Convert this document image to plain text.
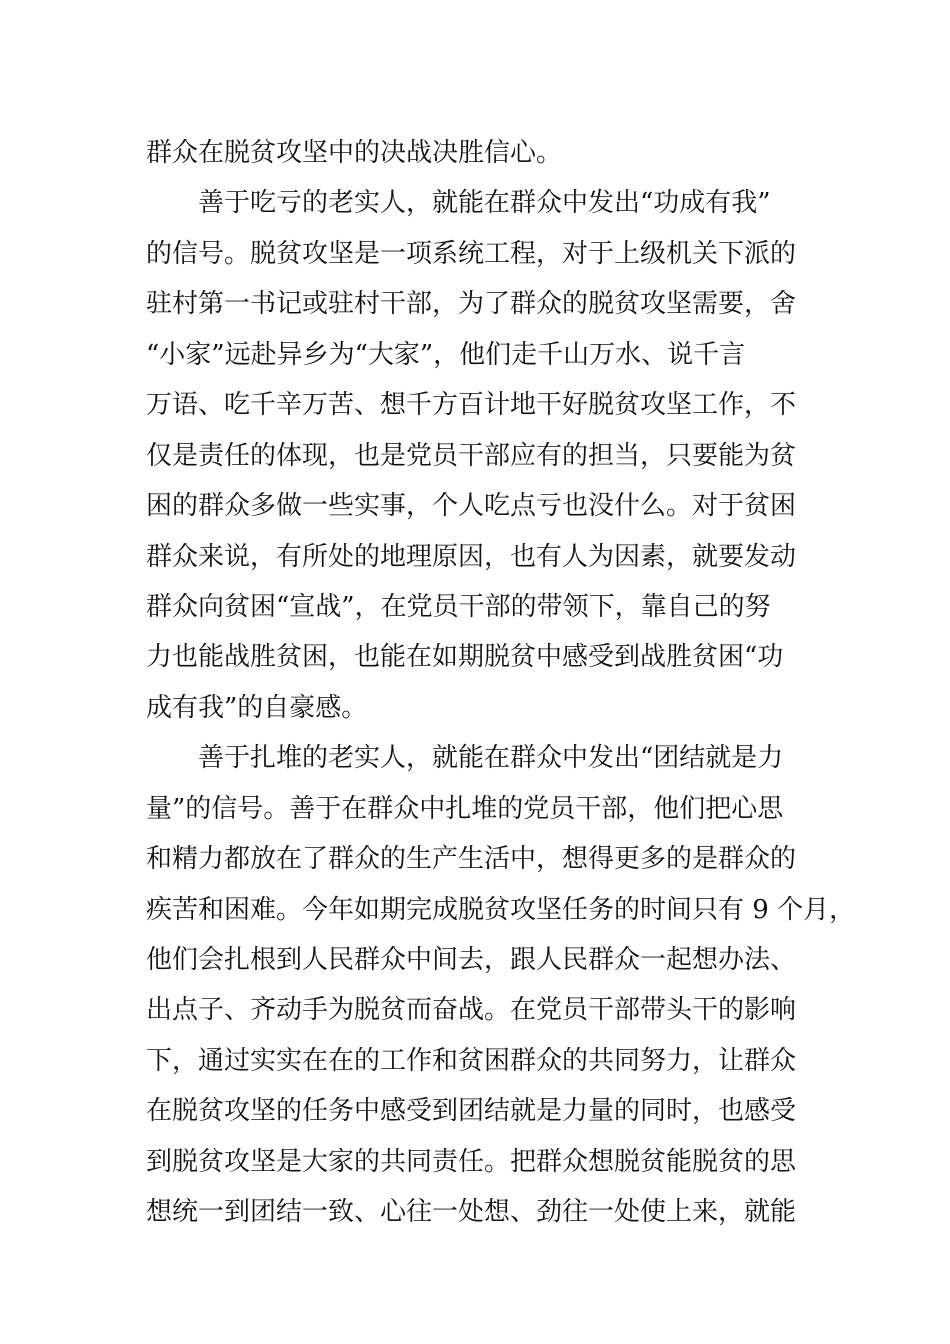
群众在脱贫攻坚中的决战决胜信心。
善于吃亏的老实人，就能在群众中发出“功成有我”
的信号。脱贫攻坚是一项系统工程，对于上级机关下派的
驻村第一书记或驻村干部，为了群众的脱贫攻坚需要，舍
“小家”远赴异乡为“大家”，他们走千山万水、说千言
万语、吃千辛万苦、想千方百计地干好脱贫攻坚工作，不
仅是责任的体现，也是党员干部应有的担当，只要能为贫
困的群众多做一些实事，个人吃点亏也没什么。对于贫困
群众来说，有所处的地理原因，也有人为因素，就要发动
群众向贫困“宣战”，在党员干部的带领下，靠自己的努
力也能战胜贫困，也能在如期脱贫中感受到战胜贫困“功
成有我”的自豪感。
善于扎堆的老实人，就能在群众中发出“团结就是力
量”的信号。善于在群众中扎堆的党员干部，他们把心思
和精力都放在了群众的生产生活中，想得更多的是群众的
疾苦和困难。今年如期完成脱贫攻坚任务的时间只有 9 个月，
他们会扎根到人民群众中间去，跟人民群众一起想办法、
出点子、齐动手为脱贫而奋战。在党员干部带头干的影响
下，通过实实在在的工作和贫困群众的共同努力，让群众
在脱贫攻坚的任务中感受到团结就是力量的同时，也感受
到脱贫攻坚是大家的共同责任。把群众想脱贫能脱贫的思
想统一到团结一致、心往一处想、劲往一处使上来，就能
